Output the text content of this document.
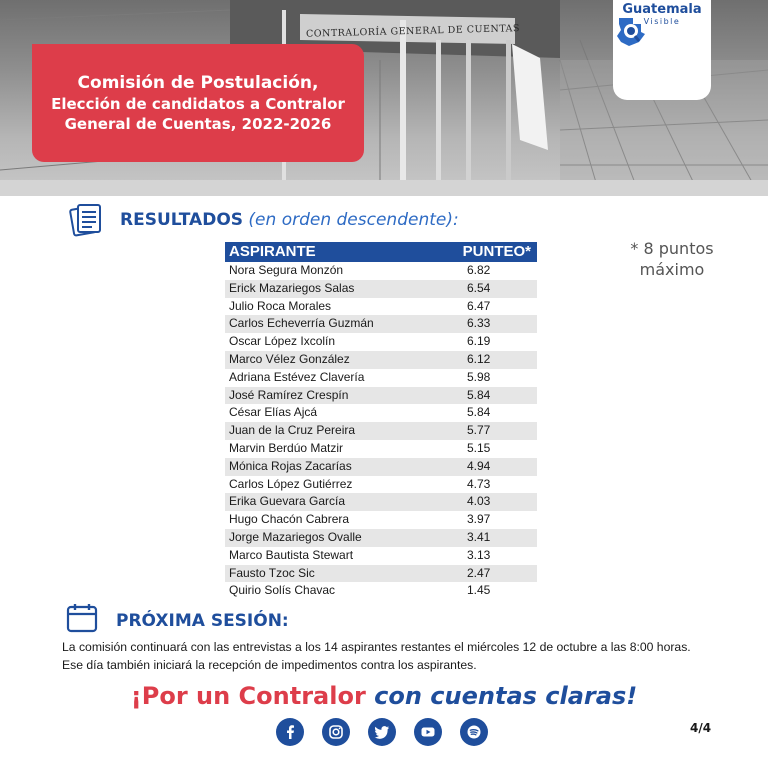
CONTRALORÍA GENERAL DE CUENTAS
Comisión de Postulación,
Elección de candidatos a Contralor
General de Cuentas, 2022-2026
Guatemala
Visible
RESULTADOS (en orden descendente):
ASPIRANTE	PUNTEO*
Nora Segura Monzón	6.82
Erick Mazariegos Salas	6.54
Julio Roca Morales	6.47
Carlos Echeverría Guzmán	6.33
Oscar López Ixcolín	6.19
Marco Vélez González	6.12
Adriana Estévez Clavería	5.98
José Ramírez Crespín	5.84
César Elías Ajcá	5.84
Juan de la Cruz Pereira	5.77
Marvin Berdúo Matzir	5.15
Mónica Rojas Zacarías	4.94
Carlos López Gutiérrez	4.73
Erika Guevara García	4.03
Hugo Chacón Cabrera	3.97
Jorge Mazariegos Ovalle	3.41
Marco Bautista Stewart	3.13
Fausto Tzoc Sic	2.47
Quirio Solís Chavac	1.45
* 8 puntos
máximo
PRÓXIMA SESIÓN:
La comisión continuará con las entrevistas a los 14 aspirantes restantes el miércoles 12 de octubre a las 8:00 horas.
Ese día también iniciará la recepción de impedimentos contra los aspirantes.
¡Por un Contralor con cuentas claras!
4/4
